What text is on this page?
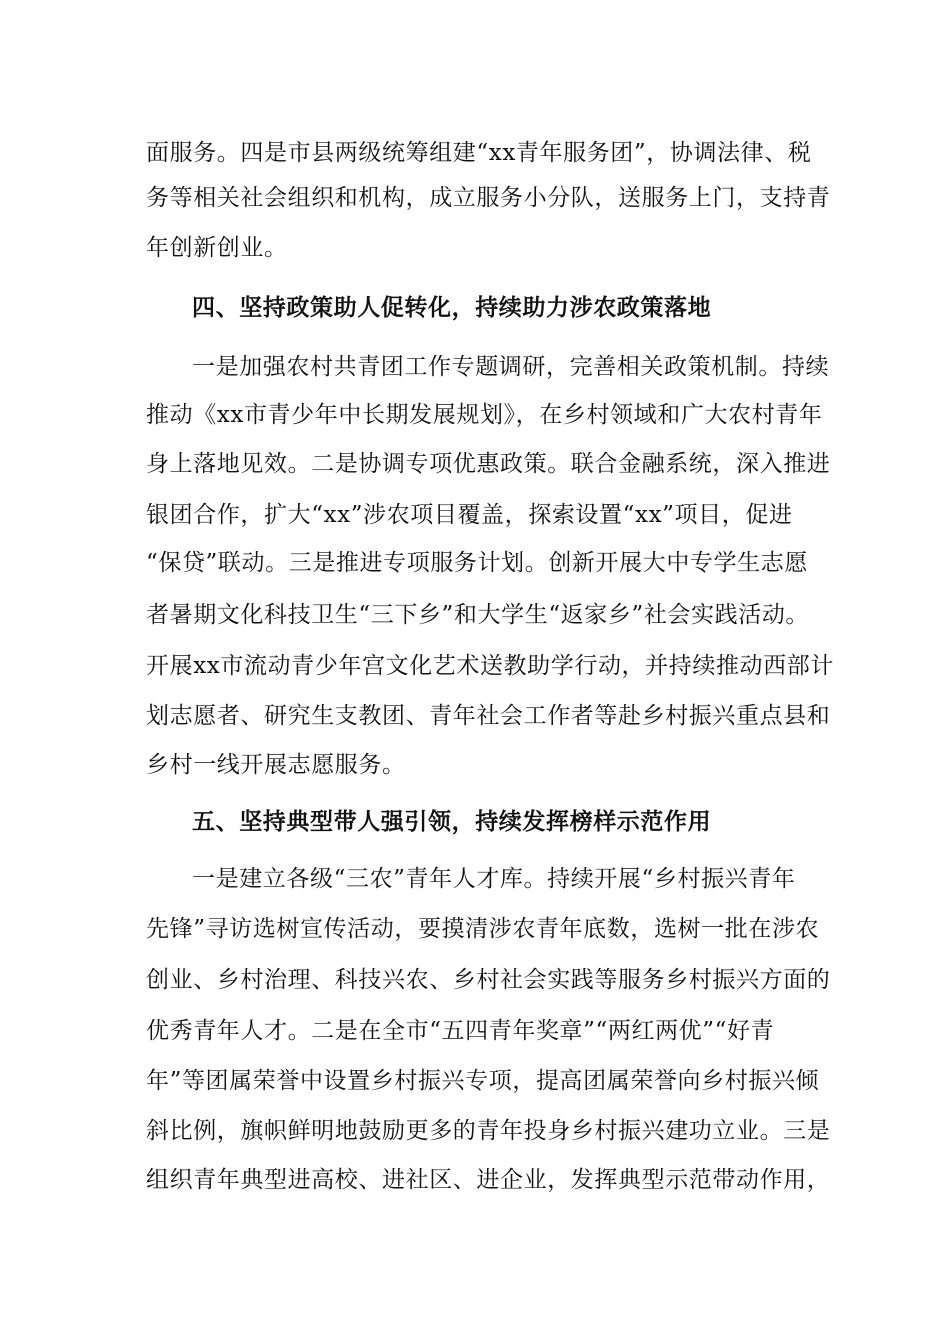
面服务。四是市县两级统筹组建“xx青年服务团”，协调法律、税
务等相关社会组织和机构，成立服务小分队，送服务上门，支持青
年创新创业。
四、坚持政策助人促转化，持续助力涉农政策落地
一是加强农村共青团工作专题调研，完善相关政策机制。持续
推动《xx市青少年中长期发展规划》，在乡村领域和广大农村青年
身上落地见效。二是协调专项优惠政策。联合金融系统，深入推进
银团合作，扩大“xx”涉农项目覆盖，探索设置“xx”项目，促进
“保贷”联动。三是推进专项服务计划。创新开展大中专学生志愿
者暑期文化科技卫生“三下乡”和大学生“返家乡”社会实践活动。
开展xx市流动青少年宫文化艺术送教助学行动，并持续推动西部计
划志愿者、研究生支教团、青年社会工作者等赴乡村振兴重点县和
乡村一线开展志愿服务。
五、坚持典型带人强引领，持续发挥榜样示范作用
一是建立各级“三农”青年人才库。持续开展“乡村振兴青年
先锋”寻访选树宣传活动，要摸清涉农青年底数，选树一批在涉农
创业、乡村治理、科技兴农、乡村社会实践等服务乡村振兴方面的
优秀青年人才。二是在全市“五四青年奖章”“两红两优”“好青
年”等团属荣誉中设置乡村振兴专项，提高团属荣誉向乡村振兴倾
斜比例，旗帜鲜明地鼓励更多的青年投身乡村振兴建功立业。三是
组织青年典型进高校、进社区、进企业，发挥典型示范带动作用，
